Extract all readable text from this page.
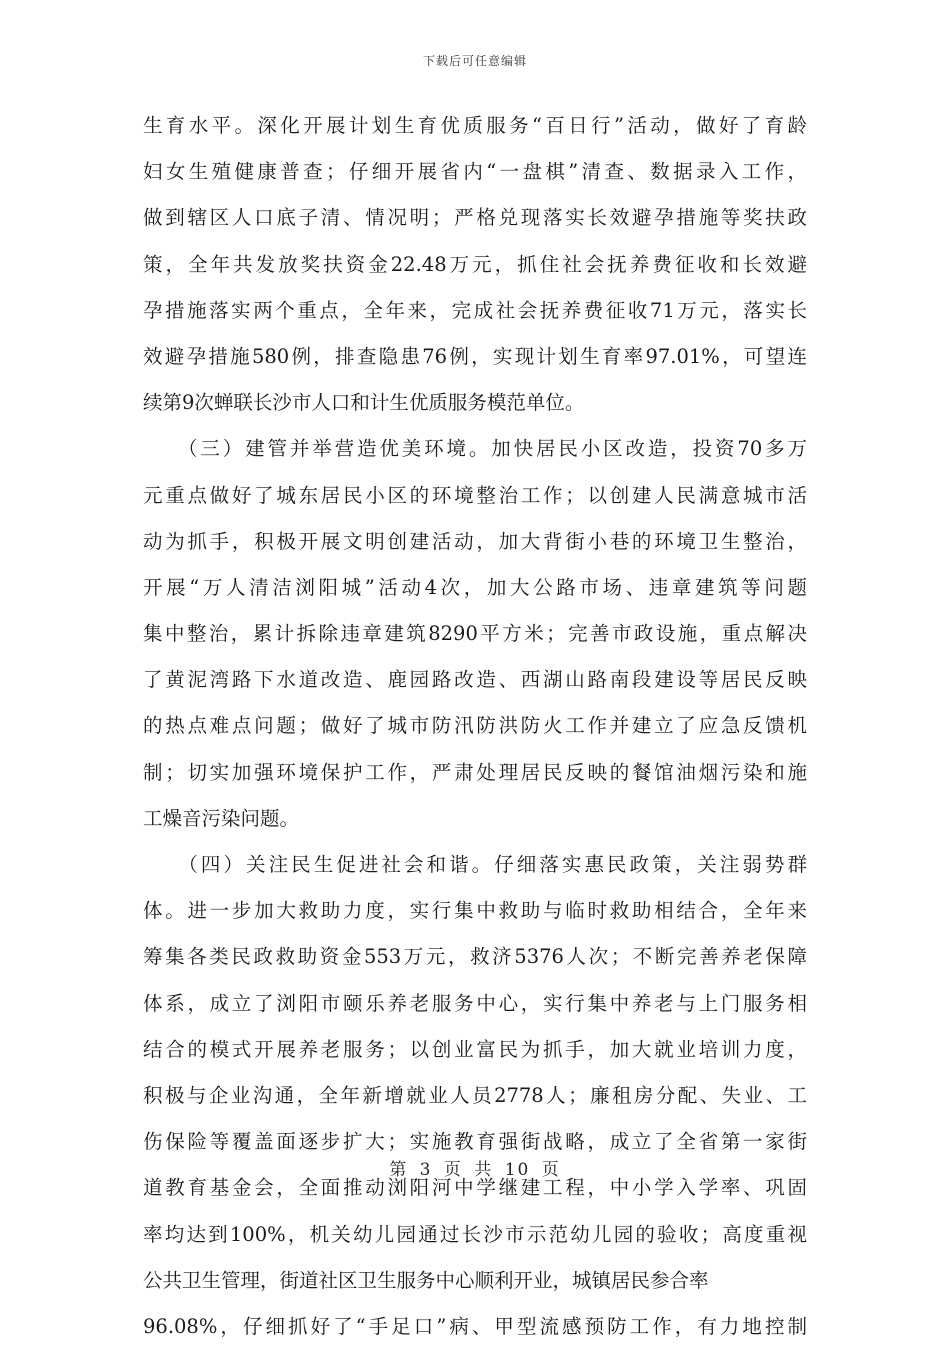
下载后可任意编辑
生育水平。深化开展计划生育优质服务“百日行”活动，做好了育龄
妇女生殖健康普查；仔细开展省内“一盘棋”清查、数据录入工作，
做到辖区人口底子清、情况明；严格兑现落实长效避孕措施等奖扶政
策，全年共发放奖扶资金22.48万元，抓住社会抚养费征收和长效避
孕措施落实两个重点，全年来，完成社会抚养费征收71万元，落实长
效避孕措施580例，排查隐患76例，实现计划生育率97.01%，可望连
续第9次蝉联长沙市人口和计生优质服务模范单位。
　　（三）建管并举营造优美环境。加快居民小区改造，投资70多万
元重点做好了城东居民小区的环境整治工作；以创建人民满意城市活
动为抓手，积极开展文明创建活动，加大背街小巷的环境卫生整治，
开展“万人清洁浏阳城”活动4次，加大公路市场、违章建筑等问题
集中整治，累计拆除违章建筑8290平方米；完善市政设施，重点解决
了黄泥湾路下水道改造、鹿园路改造、西湖山路南段建设等居民反映
的热点难点问题；做好了城市防汛防洪防火工作并建立了应急反馈机
制；切实加强环境保护工作，严肃处理居民反映的餐馆油烟污染和施
工燥音污染问题。
　　（四）关注民生促进社会和谐。仔细落实惠民政策，关注弱势群
体。进一步加大救助力度，实行集中救助与临时救助相结合，全年来
筹集各类民政救助资金553万元，救济5376人次；不断完善养老保障
体系，成立了浏阳市颐乐养老服务中心，实行集中养老与上门服务相
结合的模式开展养老服务；以创业富民为抓手，加大就业培训力度，
积极与企业沟通，全年新增就业人员2778人；廉租房分配、失业、工
伤保险等覆盖面逐步扩大；实施教育强街战略，成立了全省第一家街
道教育基金会，全面推动浏阳河中学继建工程，中小学入学率、巩固
率均达到100%，机关幼儿园通过长沙市示范幼儿园的验收；高度重视
公共卫生管理，街道社区卫生服务中心顺利开业，城镇居民参合率
96.08%，仔细抓好了“手足口”病、甲型流感预防工作，有力地控制
第 3 页 共 10 页
